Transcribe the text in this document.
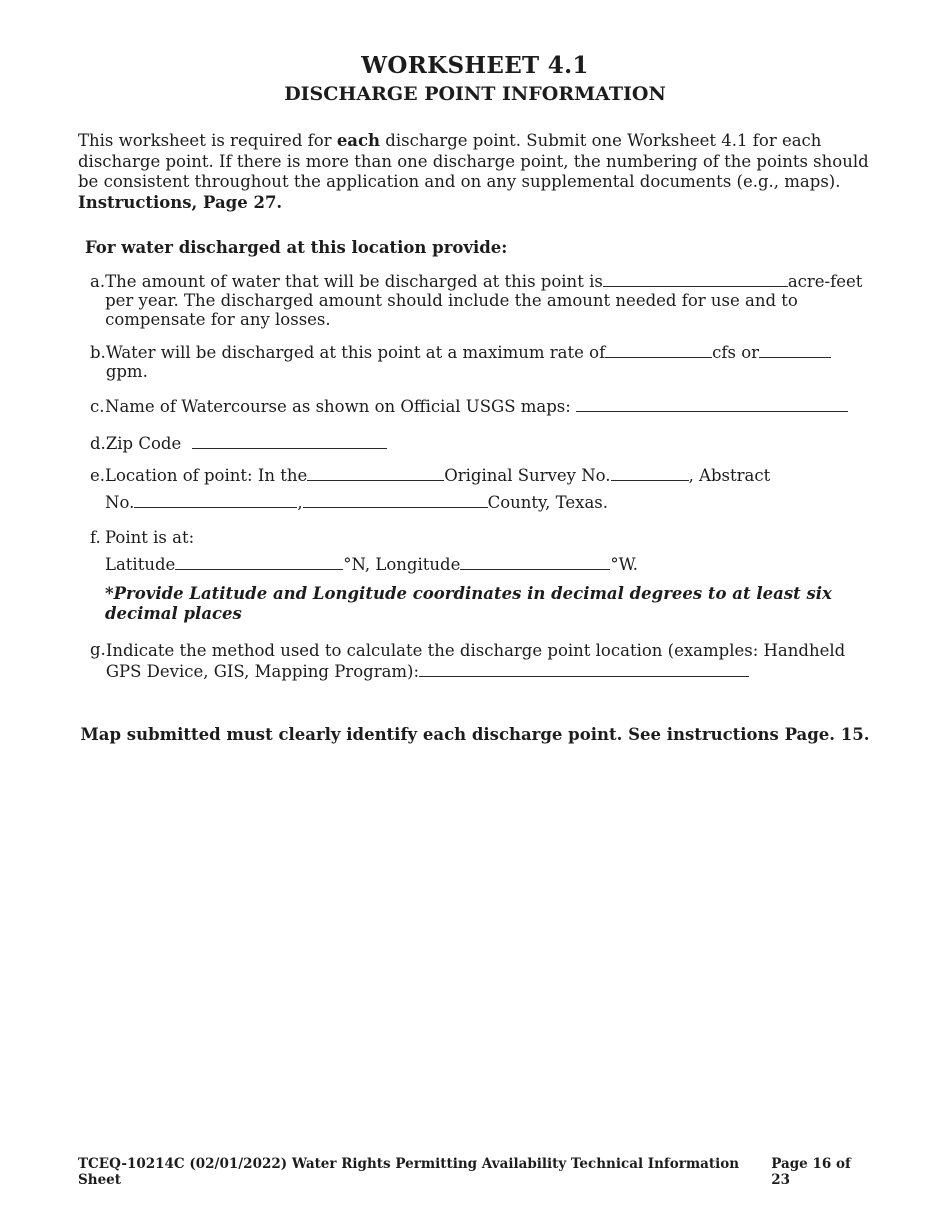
WORKSHEET 4.1
DISCHARGE POINT INFORMATION

This worksheet is required for each discharge point. Submit one Worksheet 4.1 for each discharge point. If there is more than one discharge point, the numbering of the points should be consistent throughout the application and on any supplemental documents (e.g., maps). Instructions, Page 27.

For water discharged at this location provide:

a. The amount of water that will be discharged at this point is	acre-feet per year. The discharged amount should include the amount needed for use and to compensate for any losses.
b. Water will be discharged at this point at a maximum rate of	cfs orgpm.
c. Name of Watercourse as shown on Official USGS maps:
d. Zip Code
e. Location of point: In the	Original Survey No.	, Abstract
No.	,	County, Texas.
f. Point is at:
Latitude	°N, Longitude	°W.
*Provide Latitude and Longitude coordinates in decimal degrees to at least six decimal places
g. Indicate the method used to calculate the discharge point location (examples: Handheld GPS Device, GIS, Mapping Program):

Map submitted must clearly identify each discharge point. See instructions Page. 15.

TCEQ-10214C (02/01/2022) Water Rights Permitting Availability Technical Information Sheet
Page 16 of 23
